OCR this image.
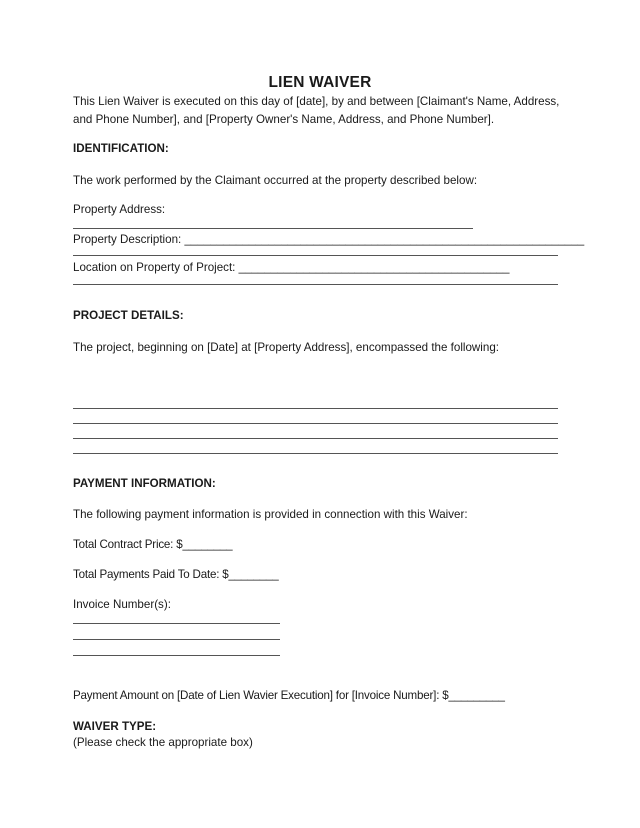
LIEN WAIVER
This Lien Waiver is executed on this day of [date], by and between [Claimant's Name, Address, and Phone Number], and [Property Owner's Name, Address, and Phone Number].
IDENTIFICATION:
The work performed by the Claimant occurred at the property described below:
Property Address:
Property Description: ______________________________________________________________
Location on Property of Project: __________________________________________
PROJECT DETAILS:
The project, beginning on [Date] at [Property Address], encompassed the following:
PAYMENT INFORMATION:
The following payment information is provided in connection with this Waiver:
Total Contract Price: $________
Total Payments Paid To Date: $________
Invoice Number(s):
Payment Amount on [Date of Lien Wavier Execution] for [Invoice Number]: $_________
WAIVER TYPE:
(Please check the appropriate box)
